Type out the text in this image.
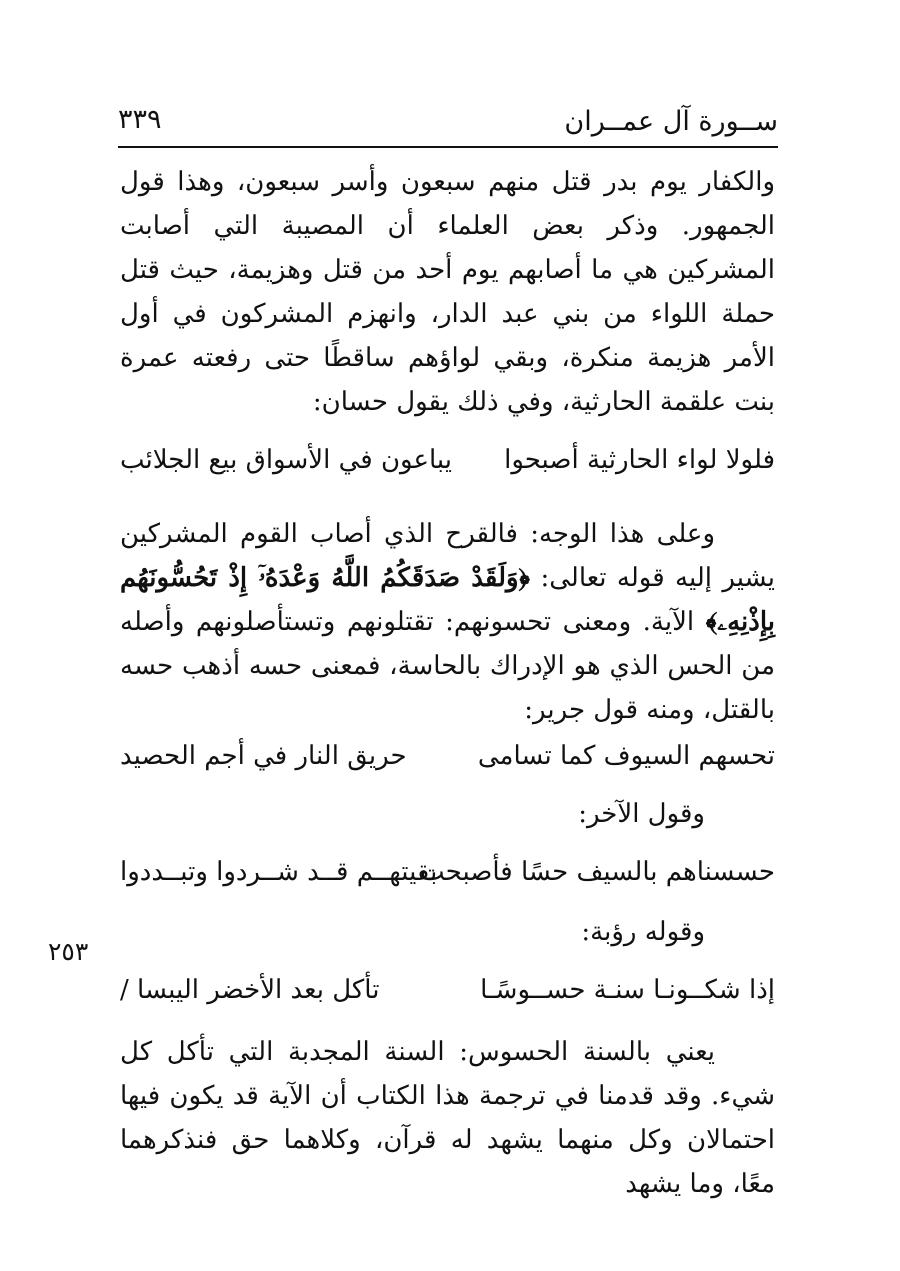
٣٣٩	ســورة آل عمــران
٢٥٣
والكفار يوم بدر قتل منهم سبعون وأسر سبعون، وهذا قول الجمهور. وذكر بعض العلماء أن المصيبة التي أصابت المشركين هي ما أصابهم يوم أحد من قتل وهزيمة، حيث قتل حملة اللواء من بني عبد الدار، وانهزم المشركون في أول الأمر هزيمة منكرة، وبقي لواؤهم ساقطًا حتى رفعته عمرة بنت علقمة الحارثية، وفي ذلك يقول حسان:
فلولا لواء الحارثية أصبحوا
يباعون في الأسواق بيع الجلائب
وعلى هذا الوجه: فالقرح الذي أصاب القوم المشركين يشير إليه قوله تعالى: ﴿وَلَقَدْ صَدَقَكُمُ اللَّهُ وَعْدَهُۥٓ إِذْ تَحُسُّونَهُم بِإِذْنِهِۦ﴾ الآية. ومعنى تحسونهم: تقتلونهم وتستأصلونهم وأصله من الحس الذي هو الإدراك بالحاسة، فمعنى حسه أذهب حسه بالقتل، ومنه قول جرير:
تحسهم السيوف كما تسامى
حريق النار في أجم الحصيد
وقول الآخر:
حسسناهم بالسيف حسًا فأصبحت
بقيتهــم قــد شــردوا وتبــددوا
وقوله رؤبة:
إذا شكــونـا سنـة حســوسًـا
تأكل بعد الأخضر اليبسا /
يعني بالسنة الحسوس: السنة المجدبة التي تأكل كل شيء. وقد قدمنا في ترجمة هذا الكتاب أن الآية قد يكون فيها احتمالان وكل منهما يشهد له قرآن، وكلاهما حق فنذكرهما معًا، وما يشهد
